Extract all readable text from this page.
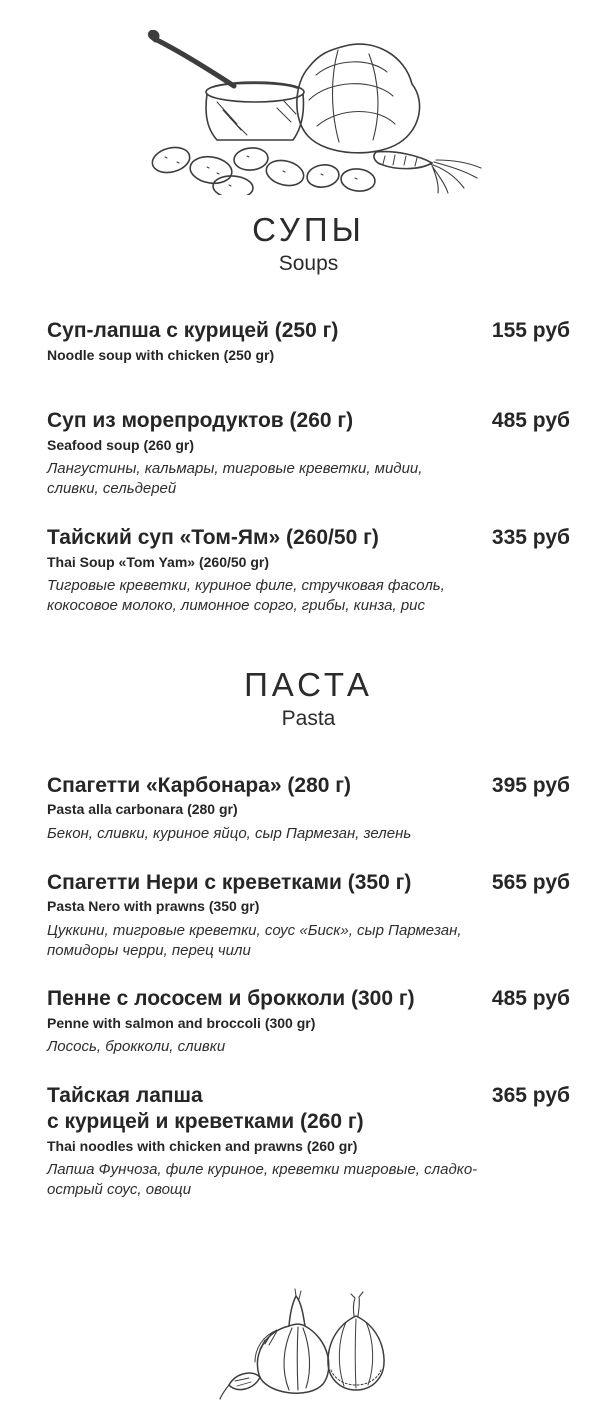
СУПЫ
Soups
Суп-лапша с курицей (250 г)
Noodle soup with chicken (250 gr)
155 руб
Суп из морепродуктов (260 г)
Seafood soup (260 gr)
Лангустины, кальмары, тигровые креветки, мидии, сливки, сельдерей
485 руб
Тайский суп «Том-Ям» (260/50 г)
Thai Soup «Tom Yam» (260/50 gr)
Тигровые креветки, куриное филе, стручковая фасоль, кокосовое молоко, лимонное сорго, грибы, кинза, рис
335 руб
ПАСТА
Pasta
Спагетти «Карбонара» (280 г)
Pasta alla carbonara (280 gr)
Бекон, сливки, куриное яйцо, сыр Пармезан, зелень
395 руб
Спагетти Нери с креветками (350 г)
Pasta Nero with prawns (350 gr)
Цуккини, тигровые креветки, соус «Биск», сыр Пармезан, помидоры черри, перец чили
565 руб
Пенне с лососем и брокколи (300 г)
Penne with salmon and broccoli (300 gr)
Лосось, брокколи, сливки
485 руб
Тайская лапша
с курицей и креветками (260 г)
Thai noodles with chicken and prawns (260 gr)
Лапша Фунчоза, филе куриное, креветки тигровые, сладко-острый соус, овощи
365 руб
